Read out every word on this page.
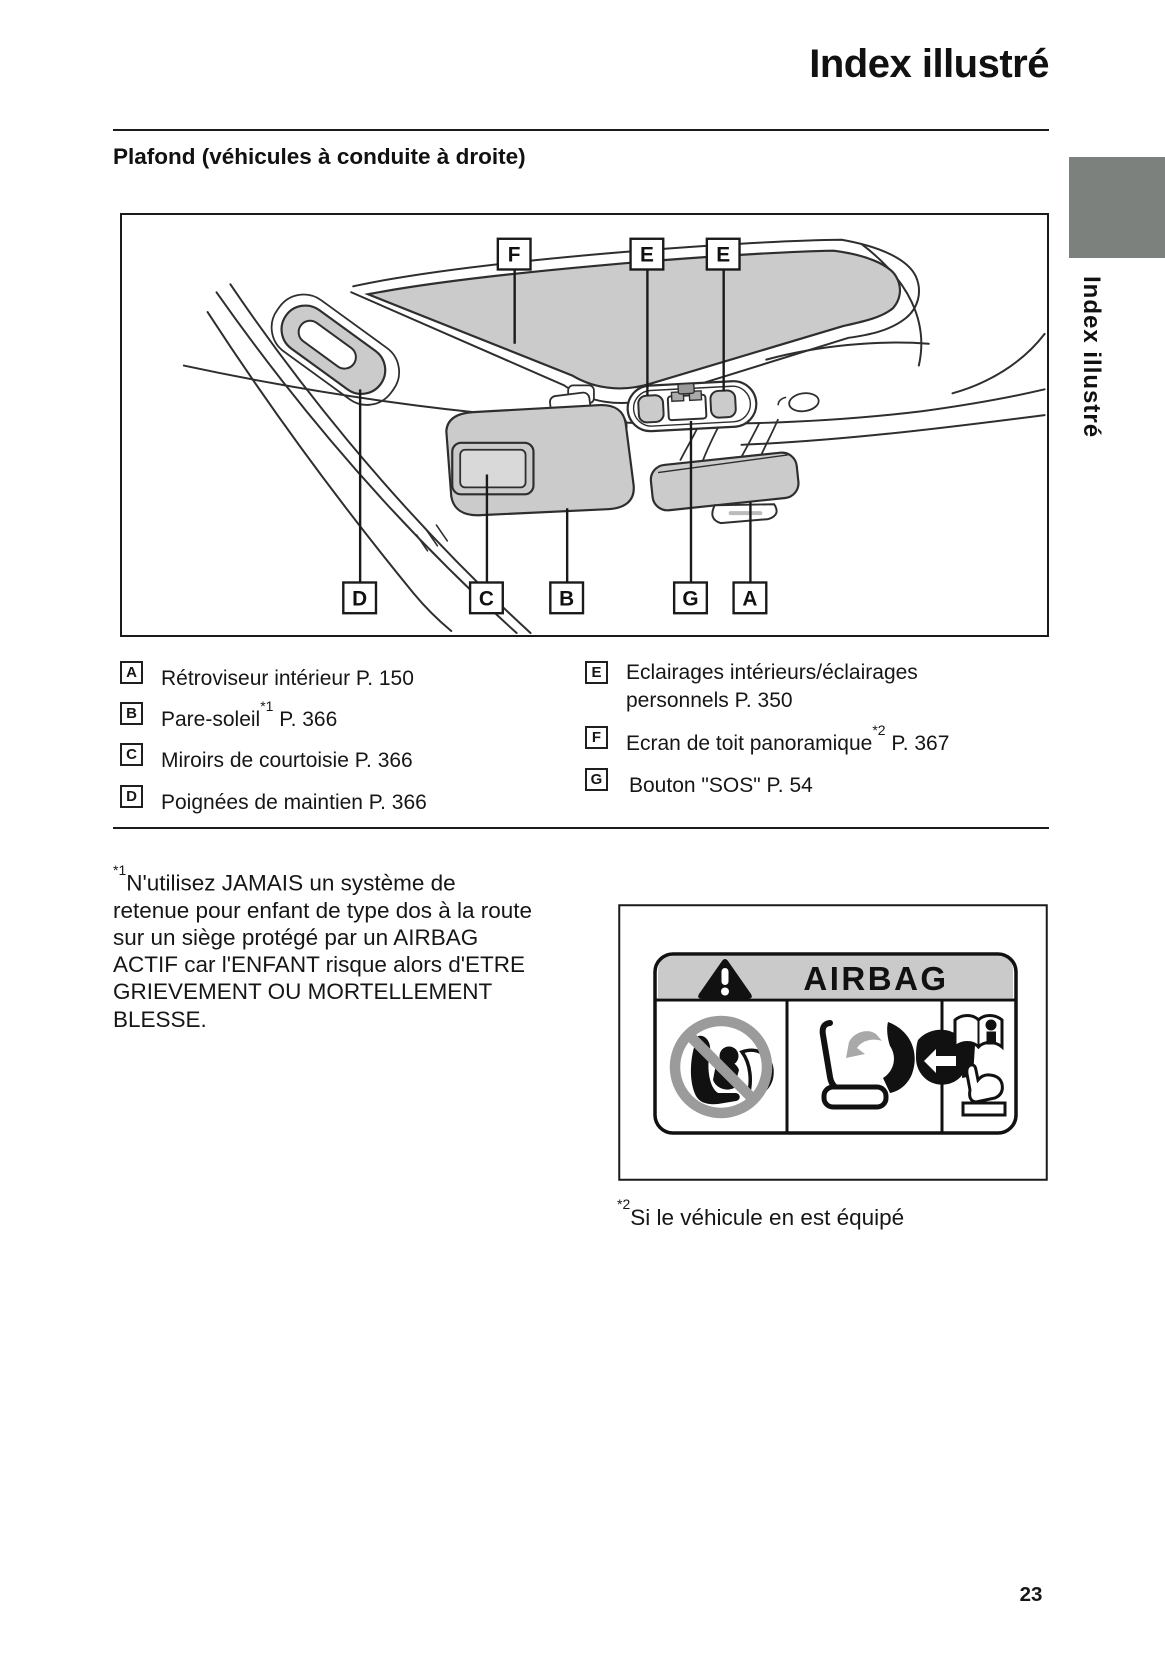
Index illustré
Plafond (véhicules à conduite à droite)
Index illustré
F	E	E
D	C	B	G A
A Rétroviseur intérieur P. 150
B Pare-soleil$^{*1}$ P. 366
C Miroirs de courtoisie P. 366
D Poignées de maintien P. 366
E	Eclairages intérieurs/éclairages
personnels P. 350
F	Ecran de toit panoramique$^{*2}$ P. 367
G Bouton "SOS" P. 54
$^{*1}$N'utilisez JAMAIS un système de
retenue pour enfant de type dos à la route
sur un siège protégé par un AIRBAG
ACTIF car l'ENFANT risque alors d'ETRE
GRIEVEMENT OU MORTELLEMENT
BLESSE.
AIRBAG
$^{*2}$Si le véhicule en est équipé
23
